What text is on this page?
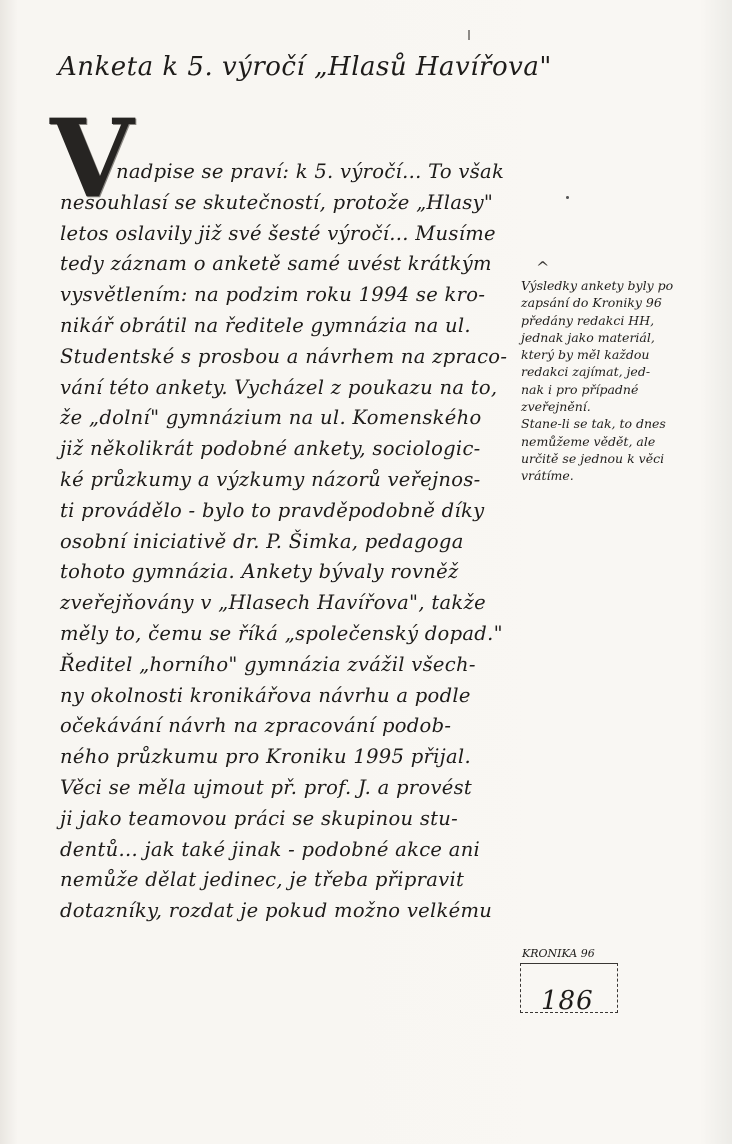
Anketa k 5. výročí „Hlasů Havířova"
V
nadpise se praví: k 5. výročí... To však
nesouhlasí se skutečností, protože „Hlasy"
letos oslavily již své šesté výročí... Musíme
tedy záznam o anketě samé uvést krátkým
vysvětlením: na podzim roku 1994 se kro-
nikář obrátil na ředitele gymnázia na ul.
Studentské s prosbou a návrhem na zpraco-
vání této ankety. Vycházel z poukazu na to,
že „dolní" gymnázium na ul. Komenského
již několikrát podobné ankety, sociologic-
ké průzkumy a výzkumy názorů veřejnos-
ti provádělo - bylo to pravděpodobně díky
osobní iniciativě dr. P. Šimka, pedagoga
tohoto gymnázia. Ankety bývaly rovněž
zveřejňovány v „Hlasech Havířova", takže
měly to, čemu se říká „společenský dopad."
Ředitel „horního" gymnázia zvážil všech-
ny okolnosti kronikářova návrhu a podle
očekávání návrh na zpracování podob-
ného průzkumu pro Kroniku 1995 přijal.
Věci se měla ujmout př. prof. J. a provést
ji jako teamovou práci se skupinou stu-
dentů... jak také jinak - podobné akce ani
nemůže dělat jedinec, je třeba připravit
dotazníky, rozdat je pokud možno velkému
^
Výsledky ankety byly po
zapsání do Kroniky 96
předány redakci HH,
jednak jako materiál,
který by měl každou
redakci zajímat, jed-
nak i pro případné
zveřejnění.
Stane-li se tak, to dnes
nemůžeme vědět, ale
určitě se jednou k věci
vrátíme.
KRONIKA 96
186
